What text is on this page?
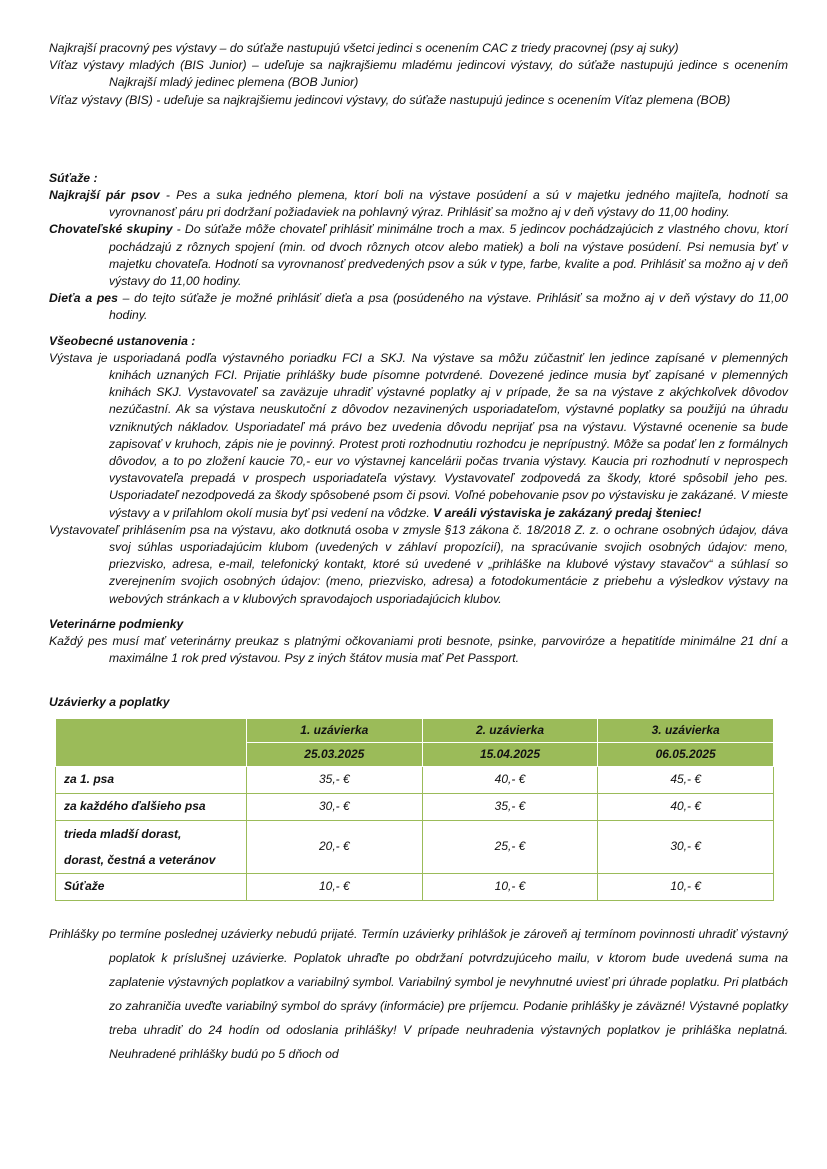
Najkrajší pracovný pes výstavy – do súťaže nastupujú všetci jedinci s ocenením CAC z triedy pracovnej (psy aj suky)

Víťaz výstavy mladých (BIS Junior) – udeľuje sa najkrajšiemu mladému jedincovi výstavy, do súťaže nastupujú jedince s ocenením Najkrajší mladý jedinec plemena (BOB Junior)

Víťaz výstavy (BIS) - udeľuje sa najkrajšiemu jedincovi výstavy, do súťaže nastupujú jedince s ocenením Víťaz plemena (BOB)

Súťaže :

Najkrajší pár psov - Pes a suka jedného plemena, ktorí boli na výstave posúdení a sú v majetku jedného majiteľa, hodnotí sa vyrovnanosť páru pri dodržaní požiadaviek na pohlavný výraz. Prihlásiť sa možno aj v deň výstavy do 11,00 hodiny.

Chovateľské skupiny - Do súťaže môže chovateľ prihlásiť minimálne troch a max. 5 jedincov pochádzajúcich z vlastného chovu, ktorí pochádzajú z rôznych spojení (min. od dvoch rôznych otcov alebo matiek) a boli na výstave posúdení. Psi nemusia byť v majetku chovateľa. Hodnotí sa vyrovnanosť predvedených psov a súk v type, farbe, kvalite a pod. Prihlásiť sa možno aj v deň výstavy do 11,00 hodiny.

Dieťa a pes – do tejto súťaže je možné prihlásiť dieťa a psa (posúdeného na výstave. Prihlásiť sa možno aj v deň výstavy do 11,00 hodiny.

Všeobecné ustanovenia :

Výstava je usporiadaná podľa výstavného poriadku FCI a SKJ. Na výstave sa môžu zúčastniť len jedince zapísané v plemenných knihách uznaných FCI. Prijatie prihlášky bude písomne potvrdené. Dovezené jedince musia byť zapísané v plemenných knihách SKJ. Vystavovateľ sa zaväzuje uhradiť výstavné poplatky aj v prípade, že sa na výstave z akýchkoľvek dôvodov nezúčastní. Ak sa výstava neuskutoční z dôvodov nezavinených usporiadateľom, výstavné poplatky sa použijú na úhradu vzniknutých nákladov. Usporiadateľ má právo bez uvedenia dôvodu neprijať psa na výstavu. Výstavné ocenenie sa bude zapisovať v kruhoch, zápis nie je povinný. Protest proti rozhodnutiu rozhodcu je neprípustný. Môže sa podať len z formálnych dôvodov, a to po zložení kaucie 70,- eur vo výstavnej kancelárii počas trvania výstavy. Kaucia pri rozhodnutí v neprospech vystavovateľa prepadá v prospech usporiadateľa výstavy. Vystavovateľ zodpovedá za škody, ktoré spôsobil jeho pes. Usporiadateľ nezodpovedá za škody spôsobené psom či psovi. Voľné pobehovanie psov po výstavisku je zakázané. V mieste výstavy a v priľahlom okolí musia byť psi vedení na vôdzke. V areáli výstaviska je zakázaný predaj šteniec!

Vystavovateľ prihlásením psa na výstavu, ako dotknutá osoba v zmysle §13 zákona č. 18/2018 Z. z. o ochrane osobných údajov, dáva svoj súhlas usporiadajúcim klubom (uvedených v záhlaví propozícií), na spracúvanie svojich osobných údajov: meno, priezvisko, adresa, e-mail, telefonický kontakt, ktoré sú uvedené v „prihláške na klubové výstavy stavačov“ a súhlasí so zverejnením svojich osobných údajov: (meno, priezvisko, adresa) a fotodokumentácie z priebehu a výsledkov výstavy na webových stránkach a v klubových spravodajoch usporiadajúcich klubov.

Veterinárne podmienky

Každý pes musí mať veterinárny preukaz s platnými očkovaniami proti besnote, psinke, parvoviróze a hepatitíde minimálne 21 dní a maximálne 1 rok pred výstavou. Psy z iných štátov musia mať Pet Passport.

Uzávierky a poplatky

	1. uzávierka	2. uzávierka	3. uzávierka
	25.03.2025	15.04.2025	06.05.2025
za 1. psa	35,- €	40,- €	45,- €
za každého ďalšieho psa	30,- €	35,- €	40,- €
trieda mladší dorast,
dorast, čestná a veteránov	20,- €	25,- €	30,- €
Súťaže	10,- €	10,- €	10,- €

Prihlášky po termíne poslednej uzávierky nebudú prijaté. Termín uzávierky prihlášok je zároveň aj termínom povinnosti uhradiť výstavný poplatok k príslušnej uzávierke. Poplatok uhraďte po obdržaní potvrdzujúceho mailu, v ktorom bude uvedená suma na zaplatenie výstavných poplatkov a variabilný symbol. Variabilný symbol je nevyhnutné uviesť pri úhrade poplatku. Pri platbách zo zahraničia uveďte variabilný symbol do správy (informácie) pre príjemcu. Podanie prihlášky je záväzné! Výstavné poplatky treba uhradiť do 24 hodín od odoslania prihlášky! V prípade neuhradenia výstavných poplatkov je prihláška neplatná. Neuhradené prihlášky budú po 5 dňoch od
